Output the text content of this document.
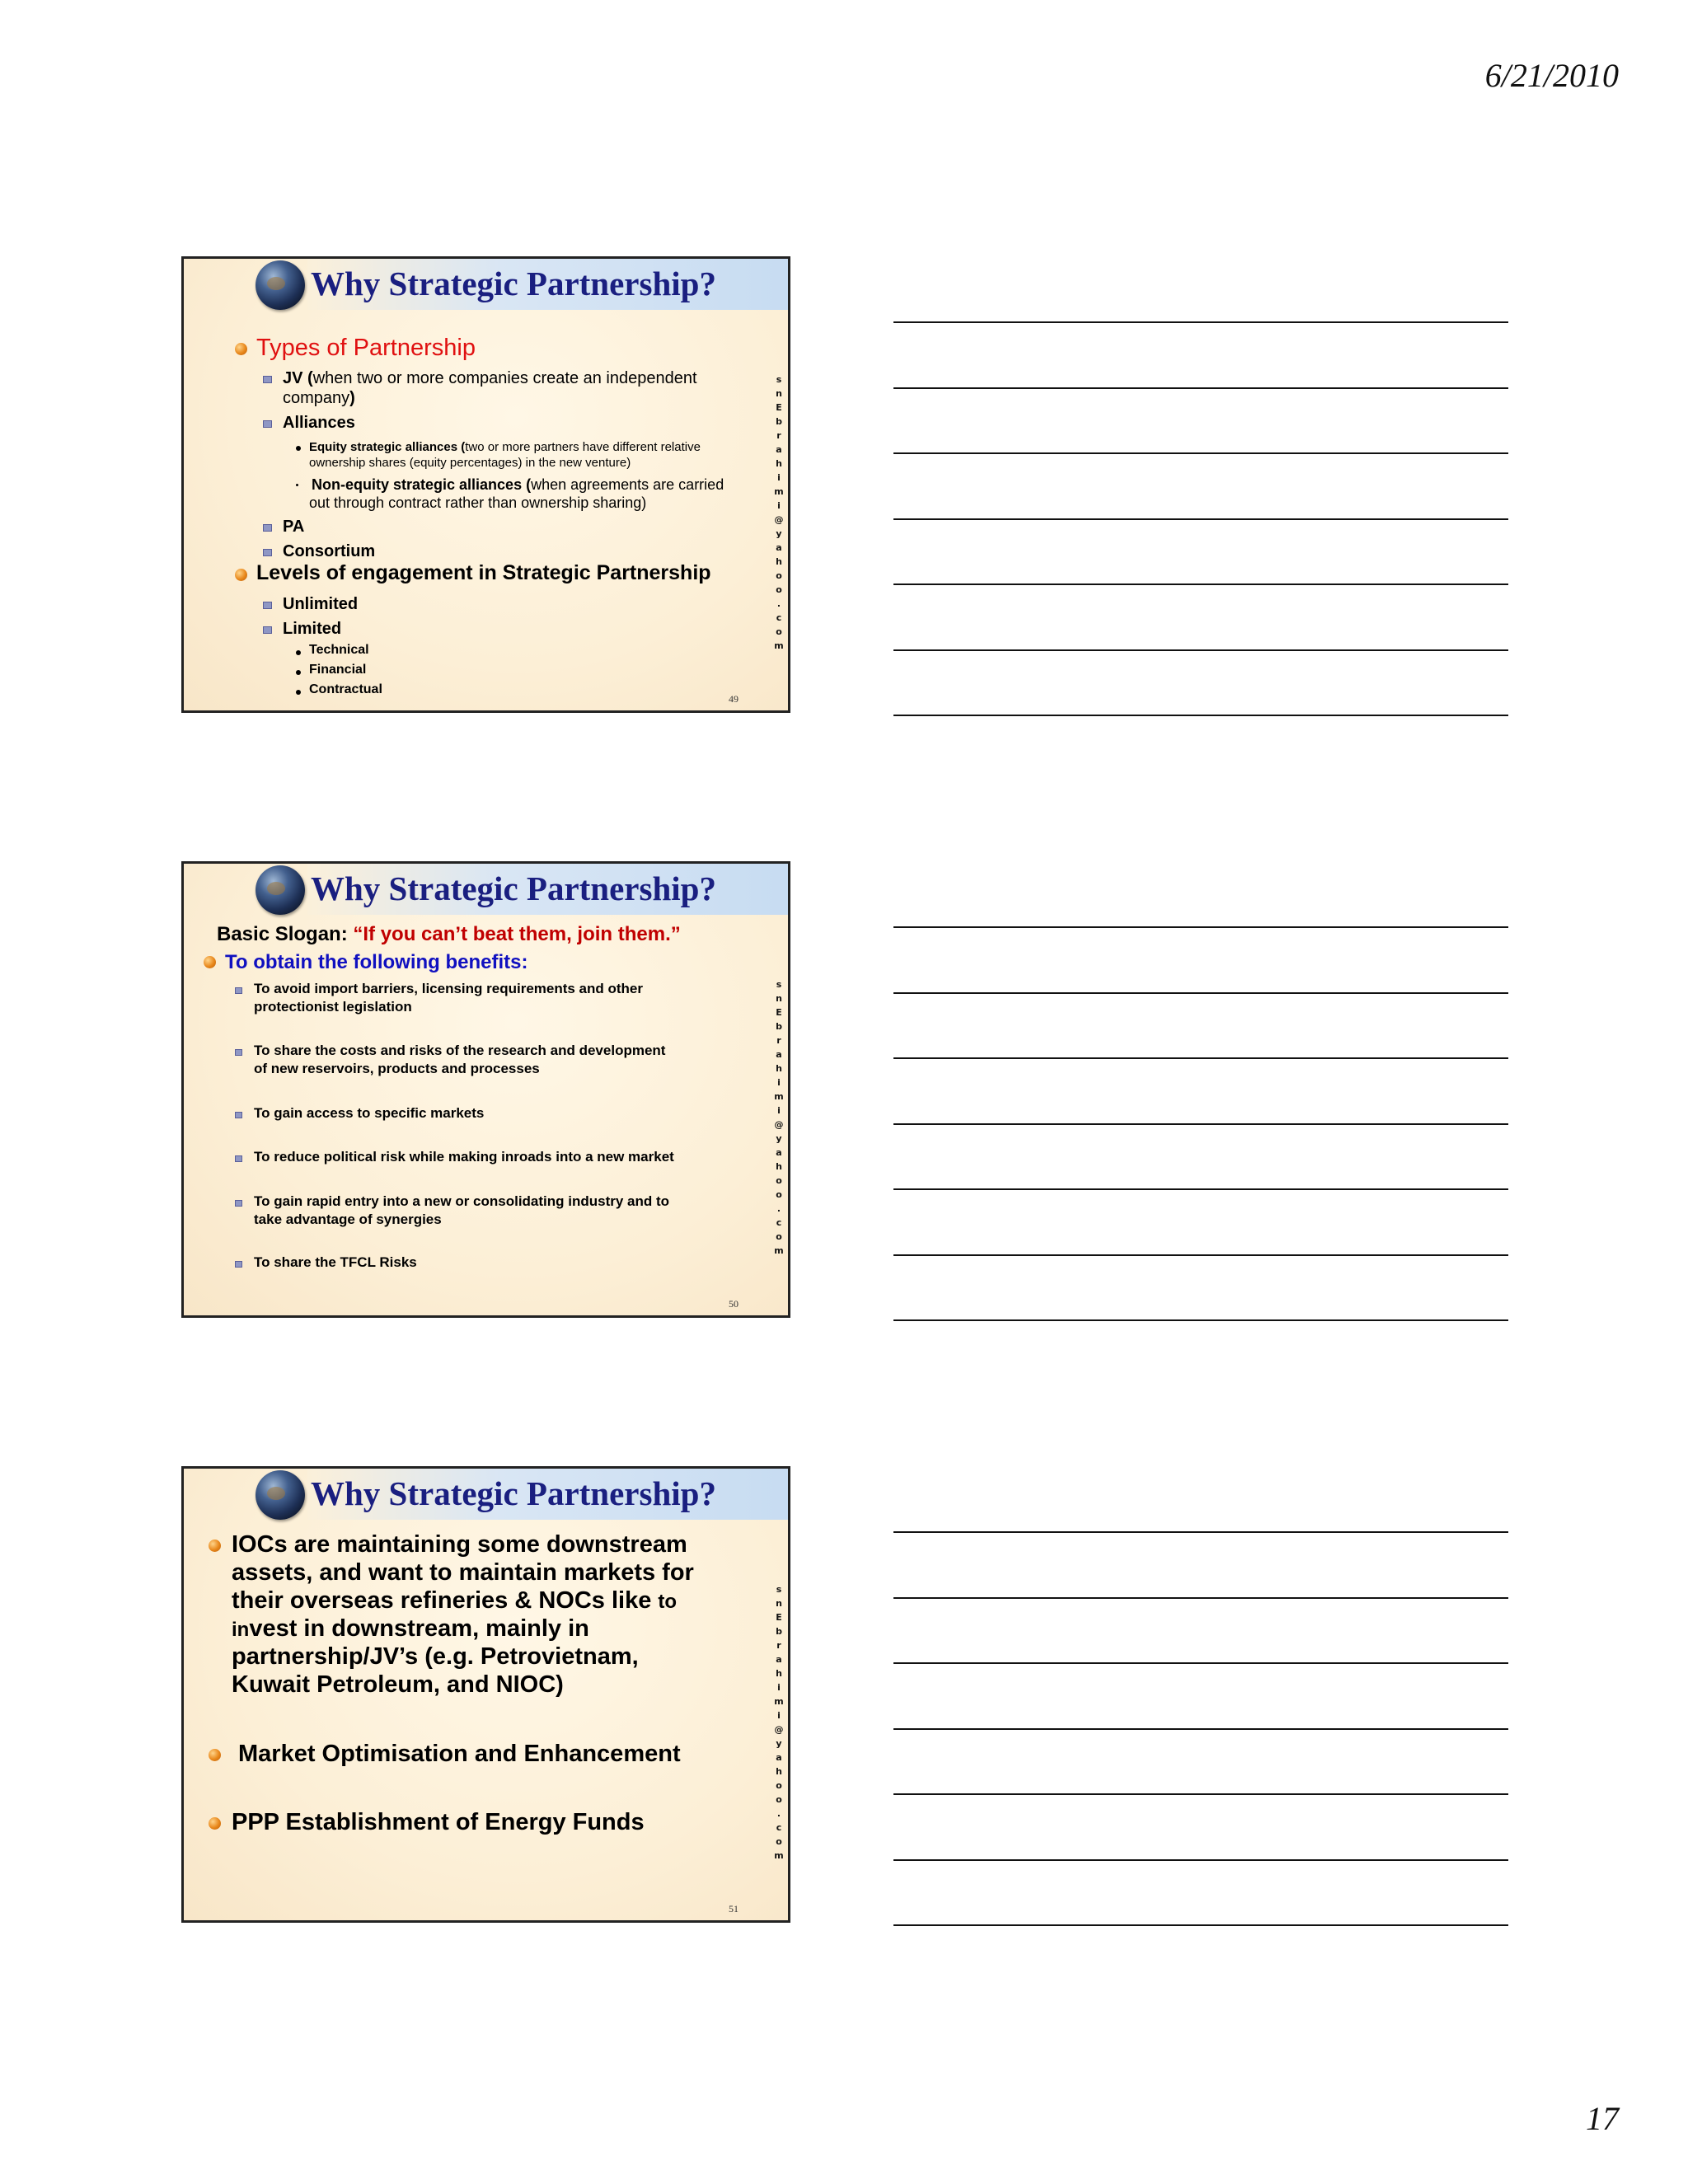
6/21/2010
Why Strategic Partnership?
Types of Partnership
JV (when two or more companies create an independent
company)
Alliances
Equity strategic alliances (two or more partners have different relative
ownership shares (equity percentages) in the new venture)
Non-equity strategic alliances (when agreements are carried
out through contract rather than ownership sharing)
PA
Consortium
Levels of engagement in Strategic Partnership
Unlimited
Limited
Technical
Financial
Contractual
s
n
E
b
r
a
h
i
m
i
@
y
a
h
o
o
.
c
o
m
49
Why Strategic Partnership?
Basic Slogan: “If you can’t beat them, join them.”
To obtain the following benefits:
To avoid import barriers, licensing requirements and other
protectionist legislation
To share the costs and risks of the research and development
of new reservoirs, products and processes
To gain access to specific markets
To reduce political risk while making inroads into a new market
To gain rapid entry into a new or consolidating industry and to
take advantage of synergies
To share the TFCL Risks
s
n
E
b
r
a
h
i
m
i
@
y
a
h
o
o
.
c
o
m
50
Why Strategic Partnership?
IOCs are maintaining some downstream
assets, and want to maintain markets for
their overseas refineries & NOCs like to
invest in downstream, mainly in
partnership/JV’s (e.g. Petrovietnam,
Kuwait Petroleum, and NIOC)
Market Optimisation and Enhancement
PPP Establishment of Energy Funds
s
n
E
b
r
a
h
i
m
i
@
y
a
h
o
o
.
c
o
m
51
17
